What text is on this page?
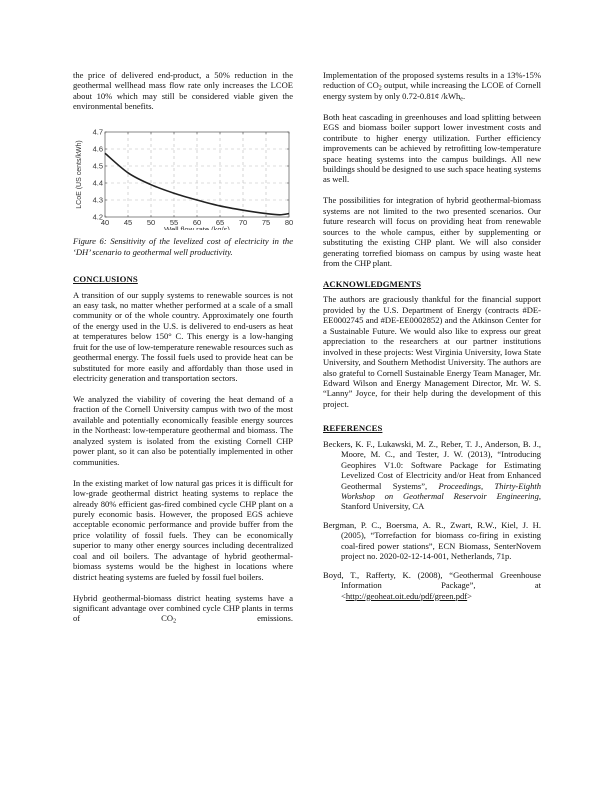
the price of delivered end-product, a 50% reduction in the geothermal wellhead mass flow rate only increases the LCOE about 10% which may still be considered viable given the environmental benefits.

40 45 50 55 60 65 70 75 80
4.2
4.3
4.4
4.5
4.6
4.7
Well flow rate (kg/s)
LCoE (US cents/kWh)
Figure 6: Sensitivity of the levelized cost of electricity in the ‘DH’ scenario to geothermal well productivity.
CONCLUSIONS

A transition of our supply systems to renewable sources is not an easy task, no matter whether performed at a scale of a small community or of the whole country. Approximately one fourth of the energy used in the U.S. is delivered to end-users as heat at temperatures below 150° C. This energy is a low-hanging fruit for the use of low-temperature renewable resources such as geothermal energy. The fossil fuels used to provide heat can be substituted for more easily and affordably than those used in electricity generation and transportation sectors.

We analyzed the viability of covering the heat demand of a fraction of the Cornell University campus with two of the most available and potentially economically feasible energy sources in the Northeast: low-temperature geothermal and biomass. The analyzed system is isolated from the existing Cornell CHP power plant, so it can also be potentially implemented in other communities.

In the existing market of low natural gas prices it is difficult for low-grade geothermal district heating systems to replace the already 80% efficient gas-fired combined cycle CHP plant on a purely economic basis. However, the proposed EGS achieve acceptable economic performance and provide buffer from the price volatility of fossil fuels. They can be economically superior to many other energy sources including decentralized coal and oil boilers. The advantage of hybrid geothermal-biomass systems would be the highest in locations where district heating systems are fueled by fossil fuel boilers.

Hybrid geothermal-biomass district heating systems have a significant advantage over combined cycle CHP plants in terms of $CO_2$ emissions.

Implementation of the proposed systems results in a 13%-15% reduction of $CO_2$ output, while increasing the LCOE of Cornell energy system by only 0.72-0.81¢ /kWh$_e$.

Both heat cascading in greenhouses and load splitting between EGS and biomass boiler support lower investment costs and contribute to higher energy utilization. Further efficiency improvements can be achieved by retrofitting low-temperature space heating systems into the campus buildings. All new buildings should be designed to use such space heating systems as well.

The possibilities for integration of hybrid geothermal-biomass systems are not limited to the two presented scenarios. Our future research will focus on providing heat from renewable sources to the whole campus, either by supplementing or substituting the existing CHP plant. We will also consider generating torrefied biomass on campus by using waste heat from the CHP plant.

ACKNOWLEDGMENTS

The authors are graciously thankful for the financial support provided by the U.S. Department of Energy (contracts #DE-EE0002745 and #DE-EE0002852) and the Atkinson Center for a Sustainable Future. We would also like to express our great appreciation to the researchers at our partner institutions involved in these projects: West Virginia University, Iowa State University, and Southern Methodist University. The authors are also grateful to Cornell Sustainable Energy Team Manager, Mr. Edward Wilson and Energy Management Director, Mr. W. S. “Lanny” Joyce, for their help during the development of this project.

REFERENCES
Beckers, K. F., Lukawski, M. Z., Reber, T. J., Anderson, B. J., Moore, M. C., and Tester, J. W. (2013), “Introducing Geophires V1.0: Software Package for Estimating Levelized Cost of Electricity and/or Heat from Enhanced Geothermal Systems”, Proceedings, Thirty-Eighth Workshop on Geothermal Reservoir Engineering, Stanford University, CA
Bergman, P. C., Boersma, A. R., Zwart, R.W., Kiel, J. H. (2005), “Torrefaction for biomass co-firing in existing coal-fired power stations”, ECN Biomass, SenterNovem project no. 2020-02-12-14-001, Netherlands, 71p.
Boyd, T., Rafferty, K. (2008), “Geothermal Greenhouse Information Package”, at <http://geoheat.oit.edu/pdf/green.pdf>
